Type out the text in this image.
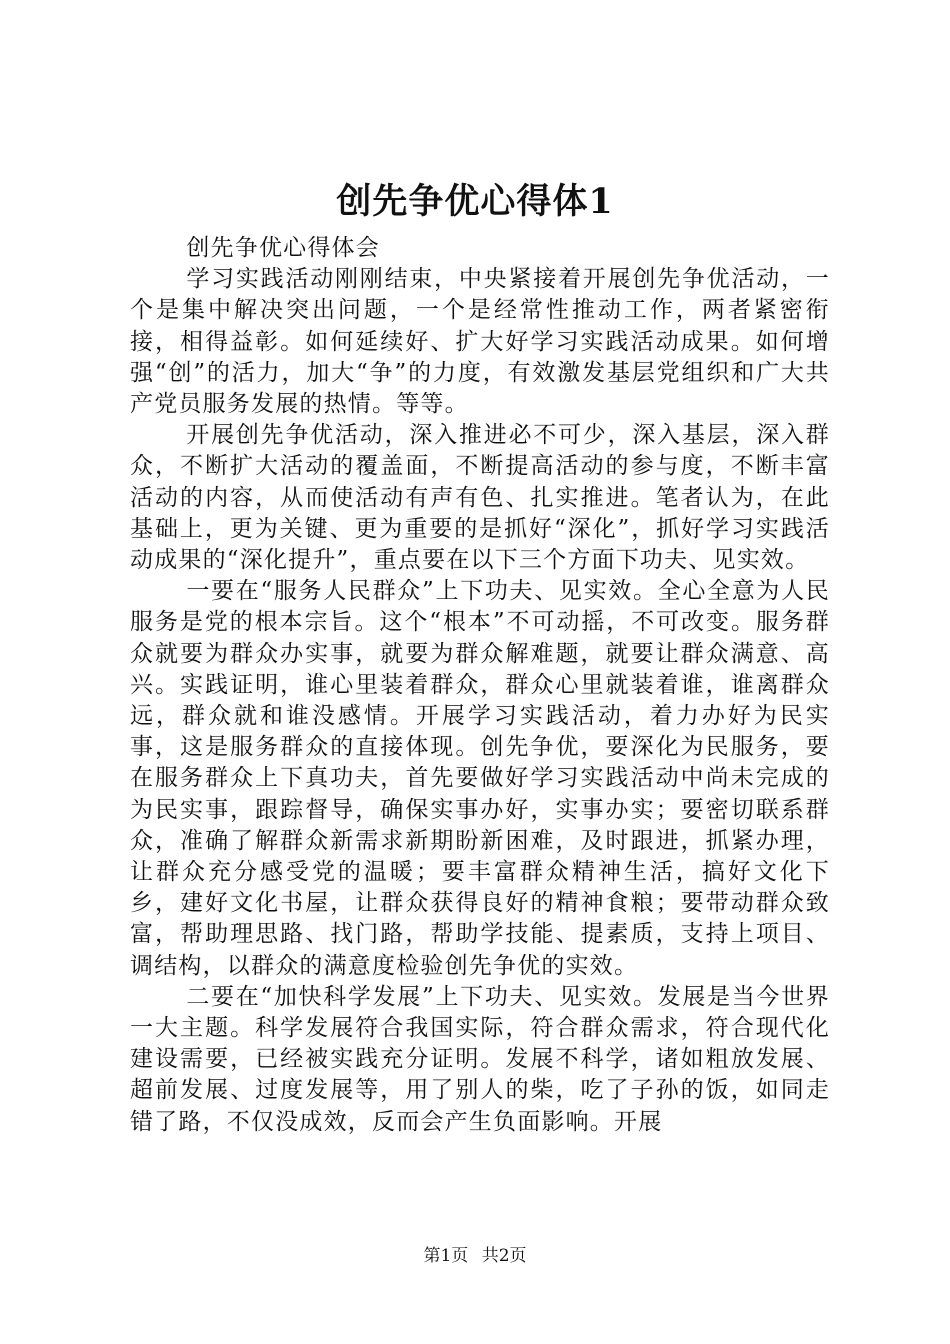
创先争优心得体1

创先争优心得体会

学习实践活动刚刚结束，中央紧接着开展创先争优活动，一个是集中解决突出问题，一个是经常性推动工作，两者紧密衔接，相得益彰。如何延续好、扩大好学习实践活动成果。如何增强“创”的活力，加大“争”的力度，有效激发基层党组织和广大共产党员服务发展的热情。等等。

开展创先争优活动，深入推进必不可少，深入基层，深入群众，不断扩大活动的覆盖面，不断提高活动的参与度，不断丰富活动的内容，从而使活动有声有色、扎实推进。笔者认为，在此基础上，更为关键、更为重要的是抓好“深化”，抓好学习实践活动成果的“深化提升”，重点要在以下三个方面下功夫、见实效。

一要在“服务人民群众”上下功夫、见实效。全心全意为人民服务是党的根本宗旨。这个“根本”不可动摇，不可改变。服务群众就要为群众办实事，就要为群众解难题，就要让群众满意、高兴。实践证明，谁心里装着群众，群众心里就装着谁，谁离群众远，群众就和谁没感情。开展学习实践活动，着力办好为民实事，这是服务群众的直接体现。创先争优，要深化为民服务，要在服务群众上下真功夫，首先要做好学习实践活动中尚未完成的为民实事，跟踪督导，确保实事办好，实事办实；要密切联系群众，准确了解群众新需求新期盼新困难，及时跟进，抓紧办理，让群众充分感受党的温暖；要丰富群众精神生活，搞好文化下乡，建好文化书屋，让群众获得良好的精神食粮；要带动群众致富，帮助理思路、找门路，帮助学技能、提素质，支持上项目、调结构，以群众的满意度检验创先争优的实效。

二要在“加快科学发展”上下功夫、见实效。发展是当今世界一大主题。科学发展符合我国实际，符合群众需求，符合现代化建设需要，已经被实践充分证明。发展不科学，诸如粗放发展、超前发展、过度发展等，用了别人的柴，吃了子孙的饭，如同走错了路，不仅没成效，反而会产生负面影响。开展

第1页 共2页
